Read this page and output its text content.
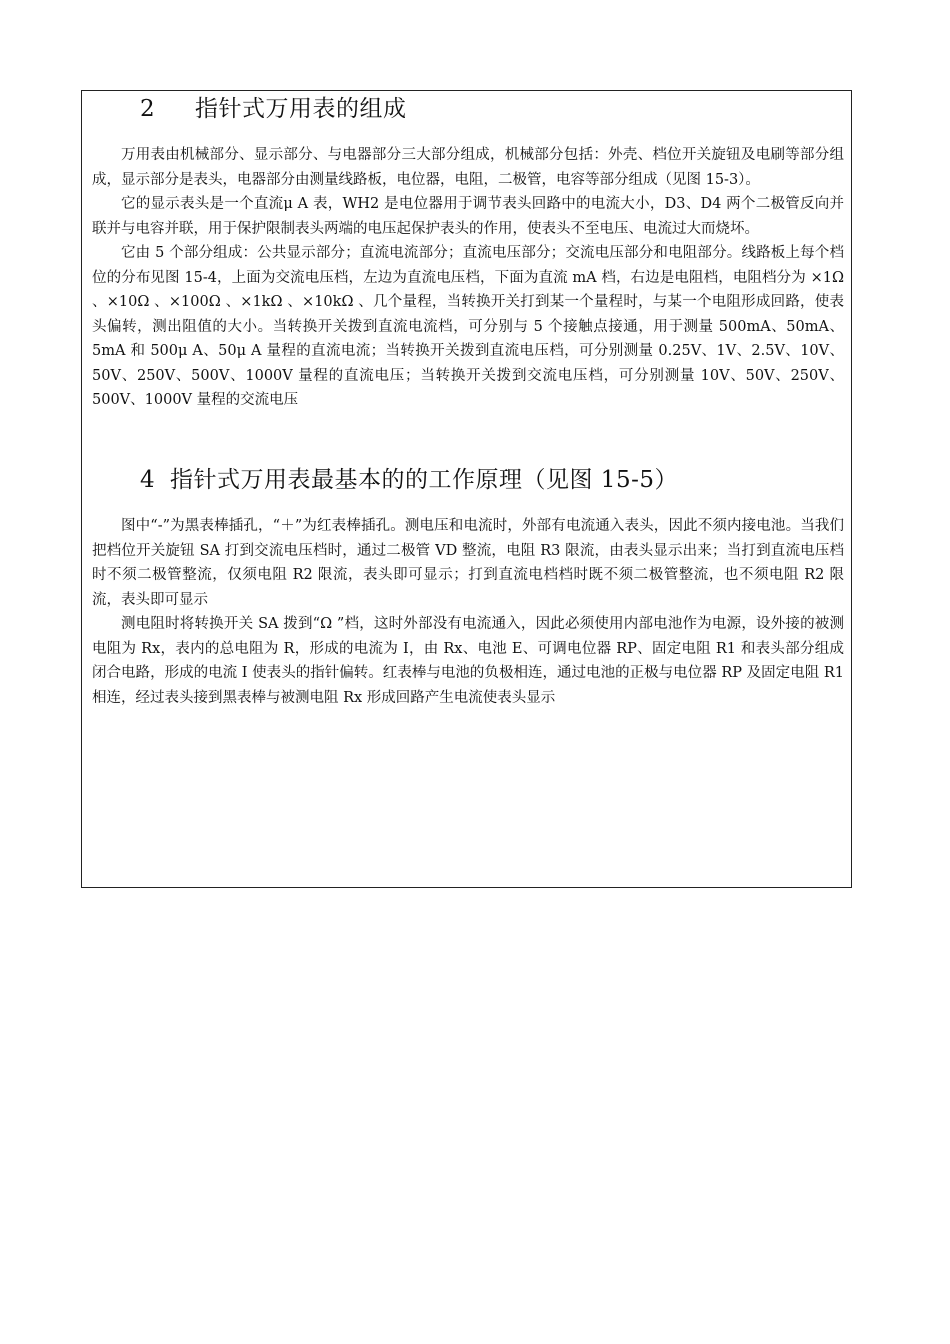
2 指针式万用表的组成

万用表由机械部分、显示部分、与电器部分三大部分组成，机械部分包括：外壳、档位开关旋钮及电刷等部分组成，显示部分是表头，电器部分由测量线路板，电位器，电阻，二极管，电容等部分组成（见图 15-3）。

它的显示表头是一个直流μ A 表，WH2 是电位器用于调节表头回路中的电流大小，D3、D4 两个二极管反向并联并与电容并联，用于保护限制表头两端的电压起保护表头的作用，使表头不至电压、电流过大而烧坏。

它由 5 个部分组成：公共显示部分；直流电流部分；直流电压部分；交流电压部分和电阻部分。线路板上每个档位的分布见图 15-4，上面为交流电压档，左边为直流电压档，下面为直流 mA 档，右边是电阻档，电阻档分为 ×1Ω 、×10Ω 、×100Ω 、×1kΩ 、×10kΩ 、几个量程，当转换开关打到某一个量程时，与某一个电阻形成回路，使表头偏转，测出阻值的大小。当转换开关拨到直流电流档，可分别与 5 个接触点接通，用于测量 500mA、50mA、5mA 和 500μ A、50μ A 量程的直流电流；当转换开关拨到直流电压档，可分别测量 0.25V、1V、2.5V、10V、50V、250V、500V、1000V 量程的直流电压；当转换开关拨到交流电压档，可分别测量 10V、50V、250V、500V、1000V 量程的交流电压

4 指针式万用表最基本的的工作原理（见图 15-5）

图中“-”为黑表棒插孔，“＋”为红表棒插孔。测电压和电流时，外部有电流通入表头，因此不须内接电池。当我们把档位开关旋钮 SA 打到交流电压档时，通过二极管 VD 整流，电阻 R3 限流，由表头显示出来；当打到直流电压档时不须二极管整流，仅须电阻 R2 限流，表头即可显示；打到直流电档档时既不须二极管整流，也不须电阻 R2 限流，表头即可显示

测电阻时将转换开关 SA 拨到“Ω ”档，这时外部没有电流通入，因此必须使用内部电池作为电源，设外接的被测电阻为 Rx，表内的总电阻为 R，形成的电流为 I，由 Rx、电池 E、可调电位器 RP、固定电阻 R1 和表头部分组成闭合电路，形成的电流 I 使表头的指针偏转。红表棒与电池的负极相连，通过电池的正极与电位器 RP 及固定电阻 R1 相连，经过表头接到黑表棒与被测电阻 Rx 形成回路产生电流使表头显示
